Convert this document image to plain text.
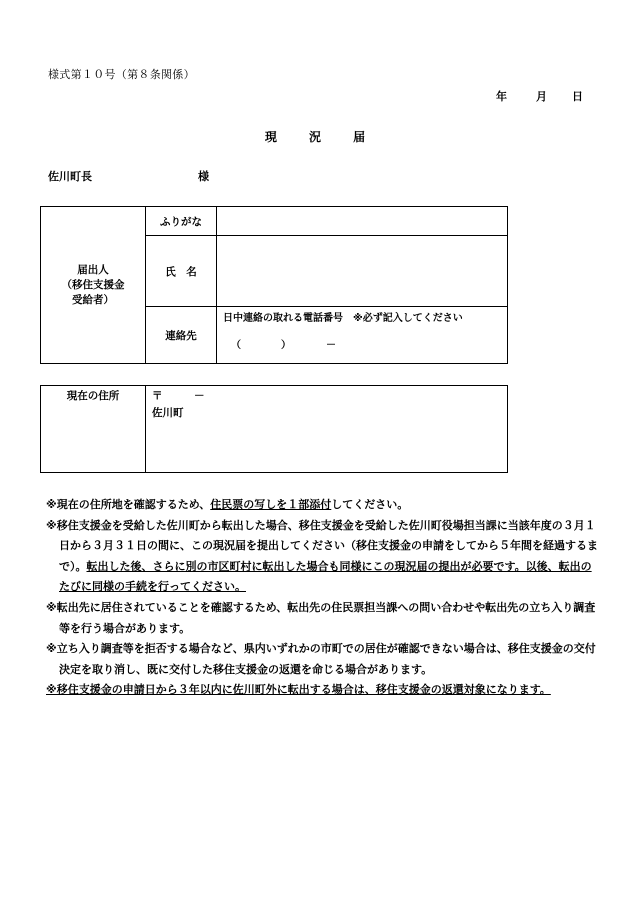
様式第１０号（第８条関係）
年	月 日
現 況 届
佐川町長	様
届出人
（移住支援金
受給者）	ふりがな	
	氏　名	
	連絡先	日中連絡の取れる電話番号　※必ず記入してください
（　　　　）　　　　－
現在の住所	〒　　　－
佐川町

※現在の住所地を確認するため、住民票の写しを１部添付してください。

※移住支援金を受給した佐川町から転出した場合、移住支援金を受給した佐川町役場担当課に当該年度の３月１日から３月３１日の間に、この現況届を提出してください（移住支援金の申請をしてから５年間を経過するまで）。転出した後、さらに別の市区町村に転出した場合も同様にこの現況届の提出が必要です。以後、転出のたびに同様の手続を行ってください。

※転出先に居住されていることを確認するため、転出先の住民票担当課への問い合わせや転出先の立ち入り調査等を行う場合があります。

※立ち入り調査等を拒否する場合など、県内いずれかの市町での居住が確認できない場合は、移住支援金の交付決定を取り消し、既に交付した移住支援金の返還を命じる場合があります。

※移住支援金の申請日から３年以内に佐川町外に転出する場合は、移住支援金の返還対象になります。
